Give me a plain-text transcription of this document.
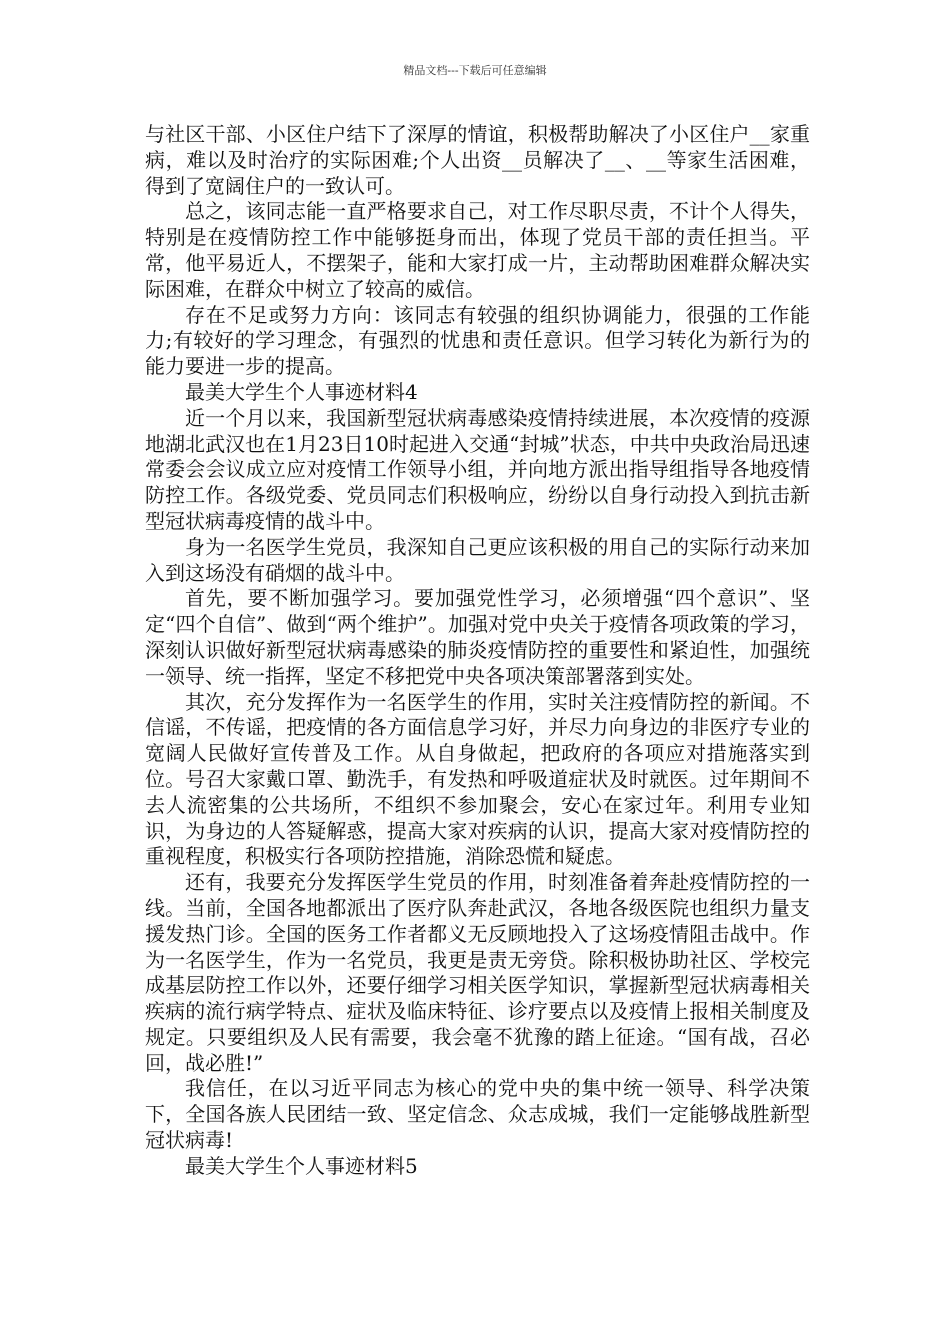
精品文档---下载后可任意编辑

与社区干部、小区住户结下了深厚的情谊，积极帮助解决了小区住户__家重病，难以及时治疗的实际困难;个人出资__员解决了__、__等家生活困难，得到了宽阔住户的一致认可。

总之，该同志能一直严格要求自己，对工作尽职尽责，不计个人得失，特别是在疫情防控工作中能够挺身而出，体现了党员干部的责任担当。平常，他平易近人，不摆架子，能和大家打成一片，主动帮助困难群众解决实际困难，在群众中树立了较高的威信。

存在不足或努力方向：该同志有较强的组织协调能力，很强的工作能力;有较好的学习理念，有强烈的忧患和责任意识。但学习转化为新行为的能力要进一步的提高。

最美大学生个人事迹材料4

近一个月以来，我国新型冠状病毒感染疫情持续进展，本次疫情的疫源地湖北武汉也在1月23日10时起进入交通“封城”状态，中共中央政治局迅速常委会会议成立应对疫情工作领导小组，并向地方派出指导组指导各地疫情防控工作。各级党委、党员同志们积极响应，纷纷以自身行动投入到抗击新型冠状病毒疫情的战斗中。

身为一名医学生党员，我深知自己更应该积极的用自己的实际行动来加入到这场没有硝烟的战斗中。

首先，要不断加强学习。要加强党性学习，必须增强“四个意识”、坚定“四个自信”、做到“两个维护”。加强对党中央关于疫情各项政策的学习，深刻认识做好新型冠状病毒感染的肺炎疫情防控的重要性和紧迫性，加强统一领导、统一指挥，坚定不移把党中央各项决策部署落到实处。

其次，充分发挥作为一名医学生的作用，实时关注疫情防控的新闻。不信谣，不传谣，把疫情的各方面信息学习好，并尽力向身边的非医疗专业的宽阔人民做好宣传普及工作。从自身做起，把政府的各项应对措施落实到位。号召大家戴口罩、勤洗手，有发热和呼吸道症状及时就医。过年期间不去人流密集的公共场所，不组织不参加聚会，安心在家过年。利用专业知识，为身边的人答疑解惑，提高大家对疾病的认识，提高大家对疫情防控的重视程度，积极实行各项防控措施，消除恐慌和疑虑。

还有，我要充分发挥医学生党员的作用，时刻准备着奔赴疫情防控的一线。当前，全国各地都派出了医疗队奔赴武汉，各地各级医院也组织力量支援发热门诊。全国的医务工作者都义无反顾地投入了这场疫情阻击战中。作为一名医学生，作为一名党员，我更是责无旁贷。除积极协助社区、学校完成基层防控工作以外，还要仔细学习相关医学知识，掌握新型冠状病毒相关疾病的流行病学特点、症状及临床特征、诊疗要点以及疫情上报相关制度及规定。只要组织及人民有需要，我会毫不犹豫的踏上征途。“国有战，召必回，战必胜!”

我信任，在以习近平同志为核心的党中央的集中统一领导、科学决策下，全国各族人民团结一致、坚定信念、众志成城，我们一定能够战胜新型冠状病毒!

最美大学生个人事迹材料5
